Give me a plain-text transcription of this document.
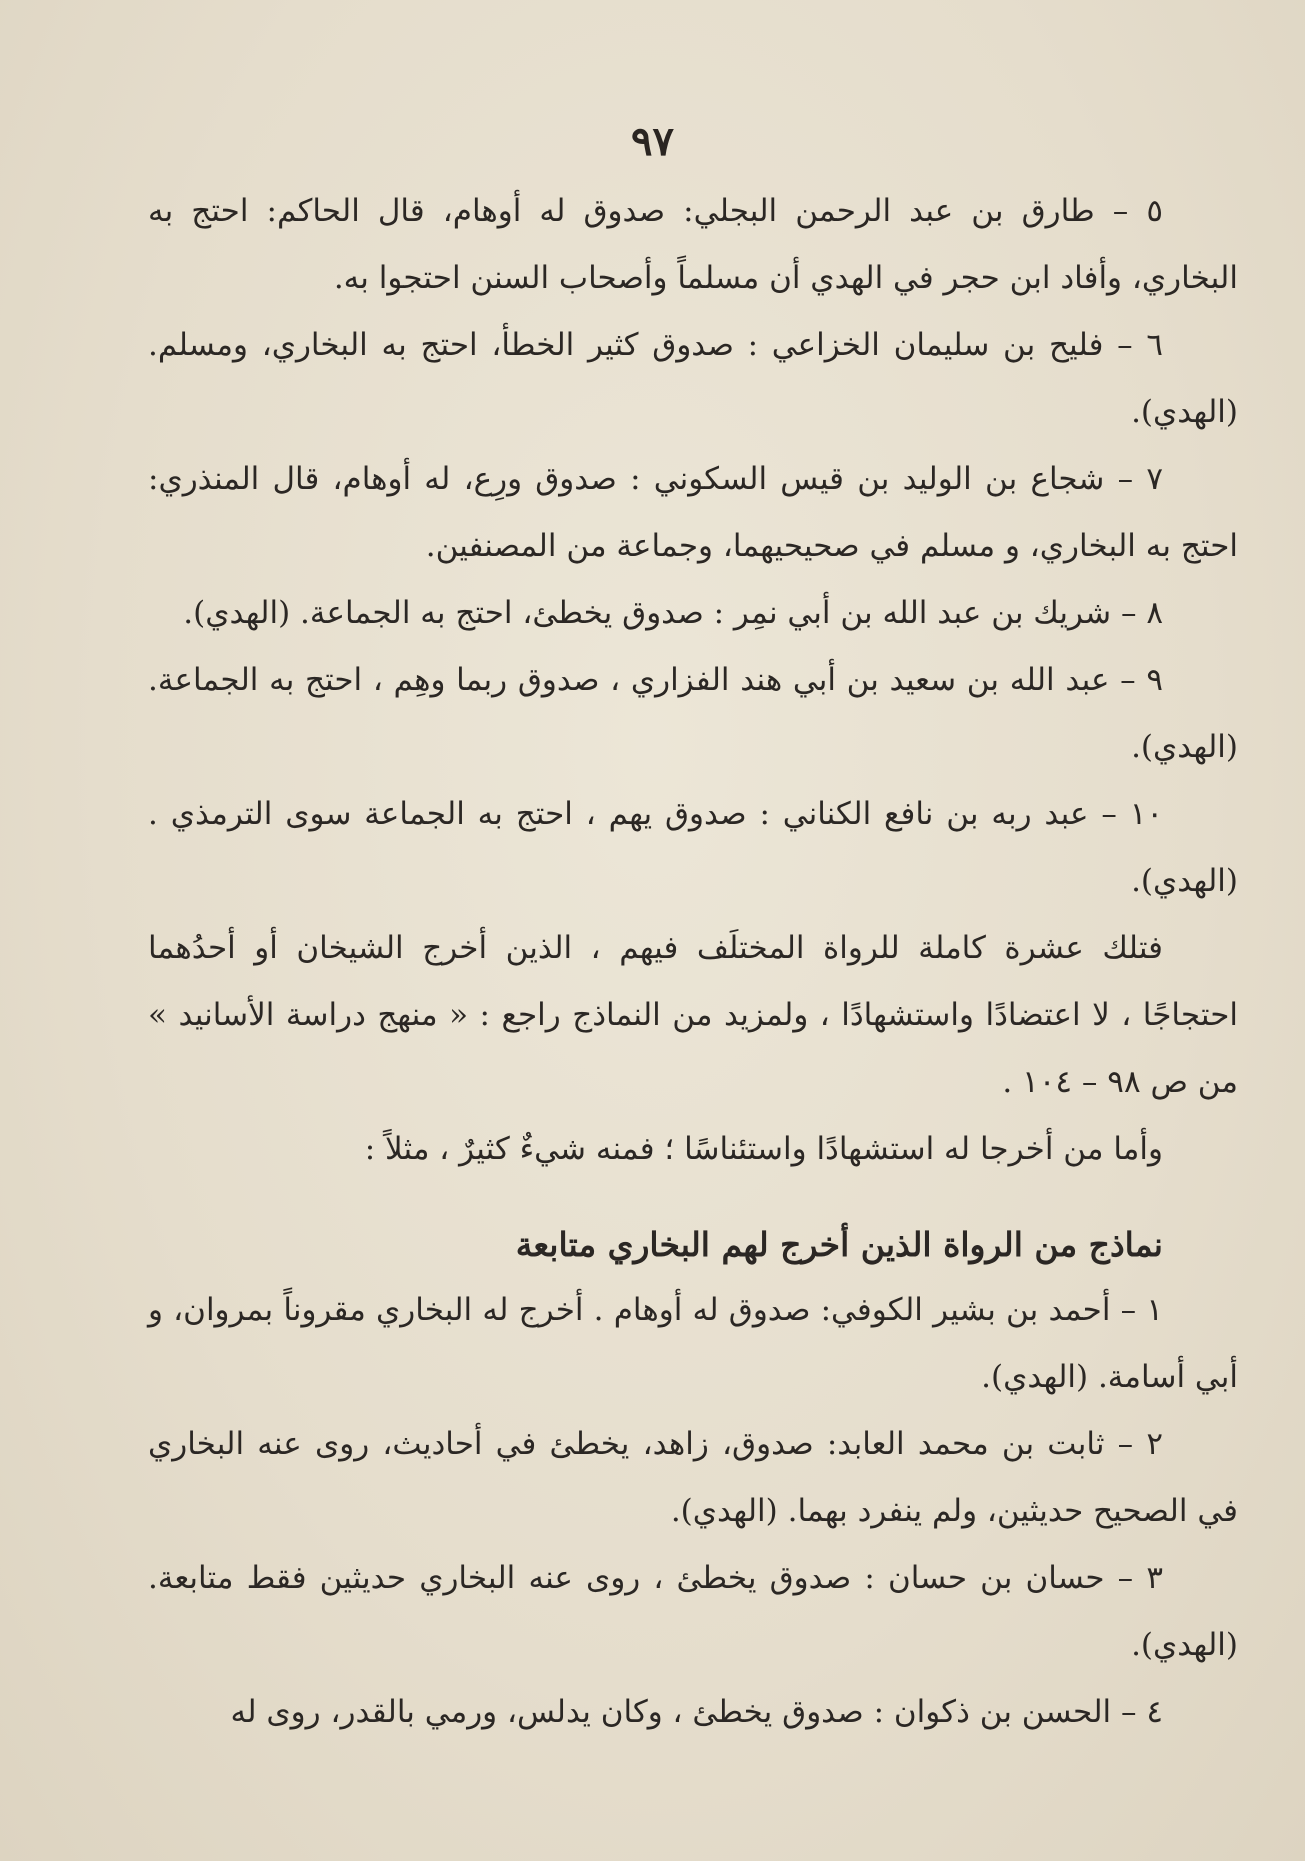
٩٧

٥ – طارق بن عبد الرحمن البجلي: صدوق له أوهام، قال الحاكم: احتج به البخاري، وأفاد ابن حجر في الهدي أن مسلماً وأصحاب السنن احتجوا به.

٦ – فليح بن سليمان الخزاعي : صدوق كثير الخطأ، احتج به البخاري، ومسلم. (الهدي).

٧ – شجاع بن الوليد بن قيس السكوني : صدوق ورِع، له أوهام، قال المنذري: احتج به البخاري، و مسلم في صحيحيهما، وجماعة من المصنفين.

٨ – شريك بن عبد الله بن أبي نمِر : صدوق يخطئ، احتج به الجماعة. (الهدي).

٩ – عبد الله بن سعيد بن أبي هند الفزاري ، صدوق ربما وهِم ، احتج به الجماعة. (الهدي).

١٠ – عبد ربه بن نافع الكناني : صدوق يهم ، احتج به الجماعة سوى الترمذي . (الهدي).

فتلك عشرة كاملة للرواة المختلَف فيهم ، الذين أخرج الشيخان أو أحدُهما احتجاجًا ، لا اعتضادًا واستشهادًا ، ولمزيد من النماذج راجع : « منهج دراسة الأسانيد » من ص ٩٨ – ١٠٤ .

وأما من أخرجا له استشهادًا واستئناسًا ؛ فمنه شيءٌ كثيرٌ ، مثلاً :

نماذج من الرواة الذين أخرج لهم البخاري متابعة

١ – أحمد بن بشير الكوفي: صدوق له أوهام . أخرج له البخاري مقروناً بمروان، و أبي أسامة. (الهدي).

٢ – ثابت بن محمد العابد: صدوق، زاهد، يخطئ في أحاديث، روى عنه البخاري في الصحيح حديثين، ولم ينفرد بهما. (الهدي).

٣ – حسان بن حسان : صدوق يخطئ ، روى عنه البخاري حديثين فقط متابعة. (الهدي).

٤ – الحسن بن ذكوان : صدوق يخطئ ، وكان يدلس، ورمي بالقدر، روى له
